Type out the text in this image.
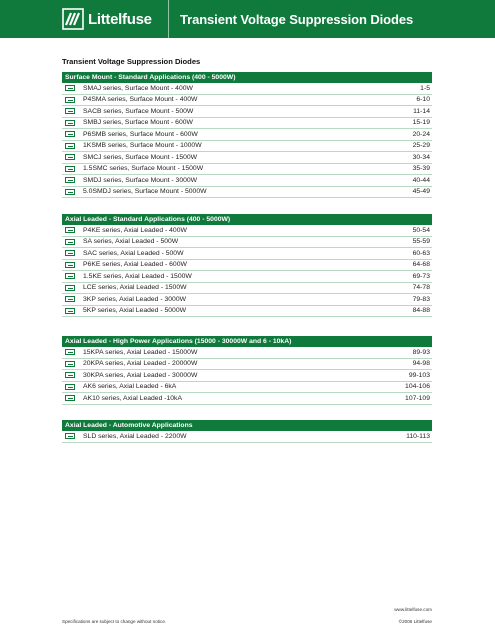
Littelfuse	Transient Voltage Suppression Diodes
Transient Voltage Suppression Diodes
Surface Mount - Standard Applications (400 - 5000W)
SMAJ series, Surface Mount - 400W	1-5
P4SMA series, Surface Mount - 400W	6-10
SACB series, Surface Mount - 500W	11-14
SMBJ series, Surface Mount - 600W	15-19
P6SMB series, Surface Mount - 600W	20-24
1KSMB series, Surface Mount - 1000W	25-29
SMCJ series, Surface Mount - 1500W	30-34
1.5SMC series, Surface Mount - 1500W	35-39
SMDJ series, Surface Mount - 3000W	40-44
5.0SMDJ series, Surface Mount - 5000W	45-49
Axial Leaded - Standard Applications (400 - 5000W)
P4KE series, Axial Leaded - 400W	50-54
SA series, Axial Leaded - 500W	55-59
SAC series, Axial Leaded - 500W	60-63
P6KE series, Axial Leaded - 600W	64-68
1.5KE series, Axial Leaded - 1500W	69-73
LCE series, Axial Leaded - 1500W	74-78
3KP series, Axial Leaded - 3000W	79-83
5KP series, Axial Leaded - 5000W	84-88
Axial Leaded - High Power Applications (15000 - 30000W and 6 - 10kA)
15KPA series, Axial Leaded - 15000W	89-93
20KPA series, Axial Leaded - 20000W	94-98
30KPA series, Axial Leaded - 30000W	99-103
AK6 series, Axial Leaded - 6kA	104-106
AK10 series, Axial Leaded -10kA	107-109
Axial Leaded - Automotive Applications
SLD series, Axial Leaded - 2200W	110-113
Specifications are subject to change without notice.
www.littelfuse.com
©2006 Littelfuse
